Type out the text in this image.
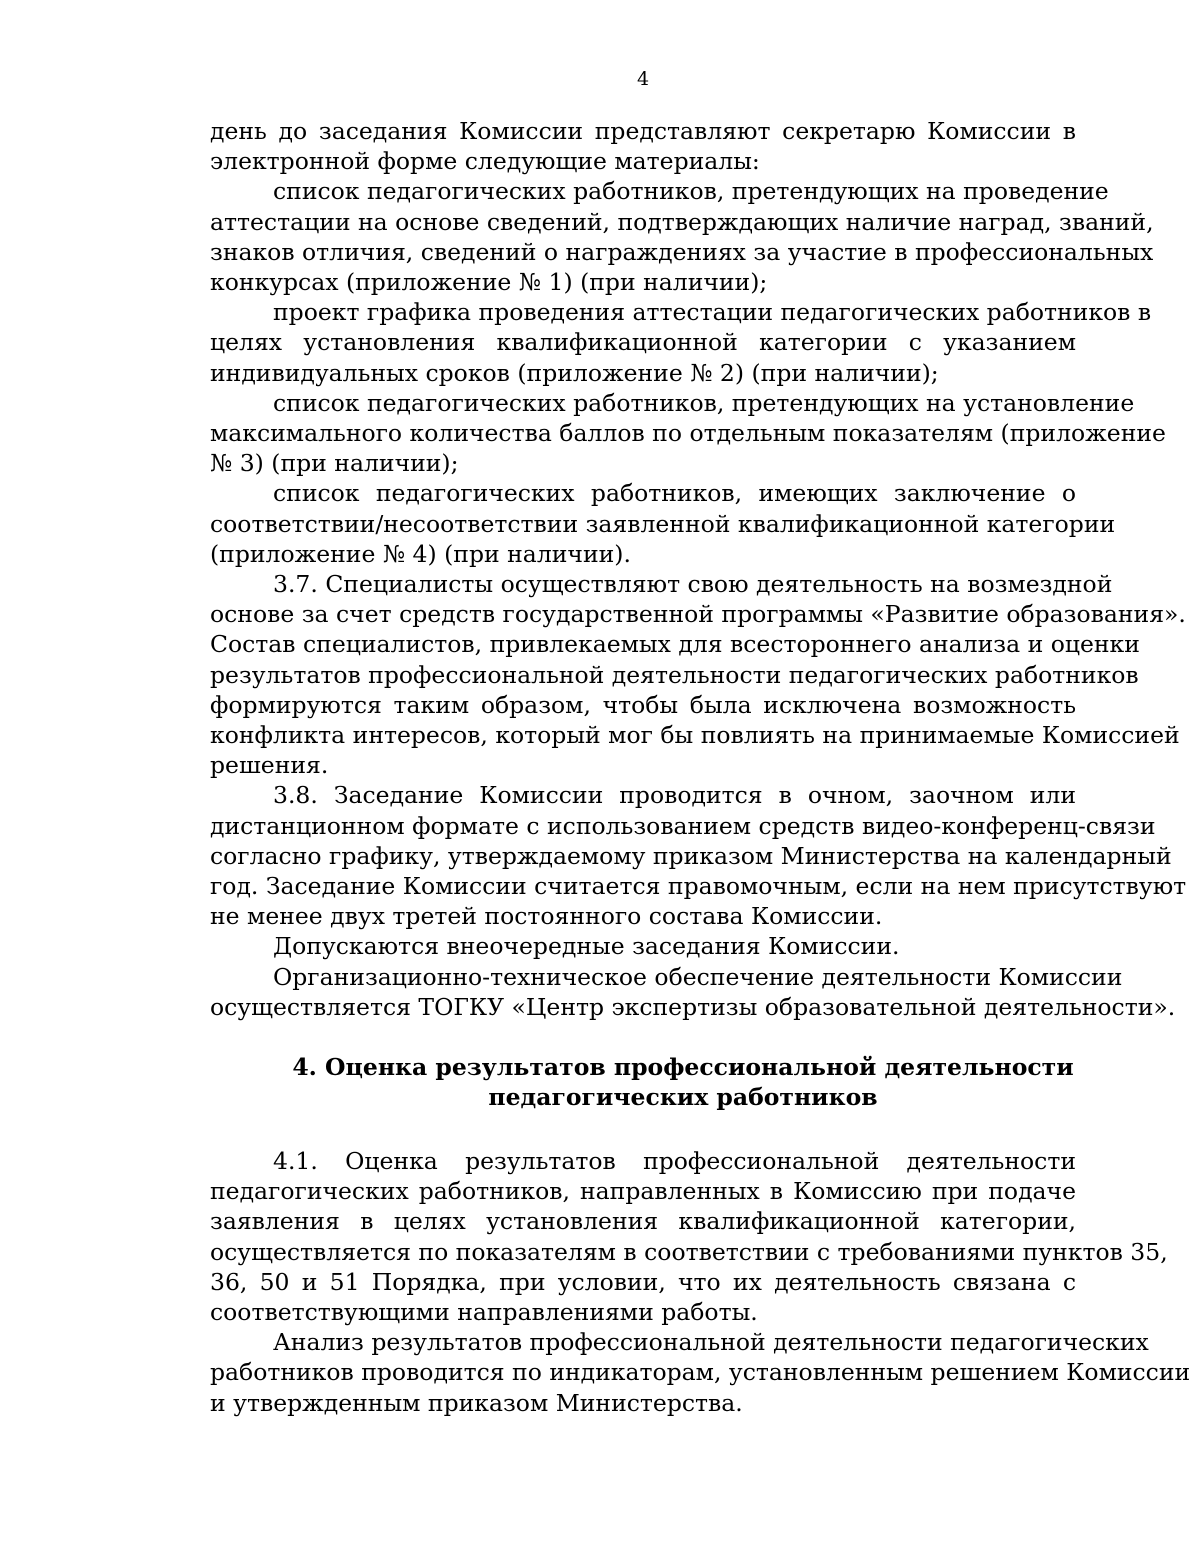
4
день до заседания Комиссии представляют секретарю Комиссии в
электронной форме следующие материалы:
список педагогических работников, претендующих на проведение
аттестации на основе сведений, подтверждающих наличие наград, званий,
знаков отличия, сведений о награждениях за участие в профессиональных
конкурсах (приложение № 1) (при наличии);
проект графика проведения аттестации педагогических работников в
целях установления квалификационной категории с указанием
индивидуальных сроков (приложение № 2) (при наличии);
список педагогических работников, претендующих на установление
максимального количества баллов по отдельным показателям (приложение
№ 3) (при наличии);
список педагогических работников, имеющих заключение о
соответствии/несоответствии заявленной квалификационной категории
(приложение № 4) (при наличии).
3.7. Специалисты осуществляют свою деятельность на возмездной
основе за счет средств государственной программы «Развитие образования».
Состав специалистов, привлекаемых для всестороннего анализа и оценки
результатов профессиональной деятельности педагогических работников
формируются таким образом, чтобы была исключена возможность
конфликта интересов, который мог бы повлиять на принимаемые Комиссией
решения.
3.8. Заседание Комиссии проводится в очном, заочном или
дистанционном формате с использованием средств видео-конференц-связи
согласно графику, утверждаемому приказом Министерства на календарный
год. Заседание Комиссии считается правомочным, если на нем присутствуют
не менее двух третей постоянного состава Комиссии.
Допускаются внеочередные заседания Комиссии.
Организационно-техническое обеспечение деятельности Комиссии
осуществляется ТОГКУ «Центр экспертизы образовательной деятельности».
4. Оценка результатов профессиональной деятельности
педагогических работников
4.1. Оценка результатов профессиональной деятельности
педагогических работников, направленных в Комиссию при подаче
заявления в целях установления квалификационной категории,
осуществляется по показателям в соответствии с требованиями пунктов 35,
36, 50 и 51 Порядка, при условии, что их деятельность связана с
соответствующими направлениями работы.
Анализ результатов профессиональной деятельности педагогических
работников проводится по индикаторам, установленным решением Комиссии
и утвержденным приказом Министерства.
